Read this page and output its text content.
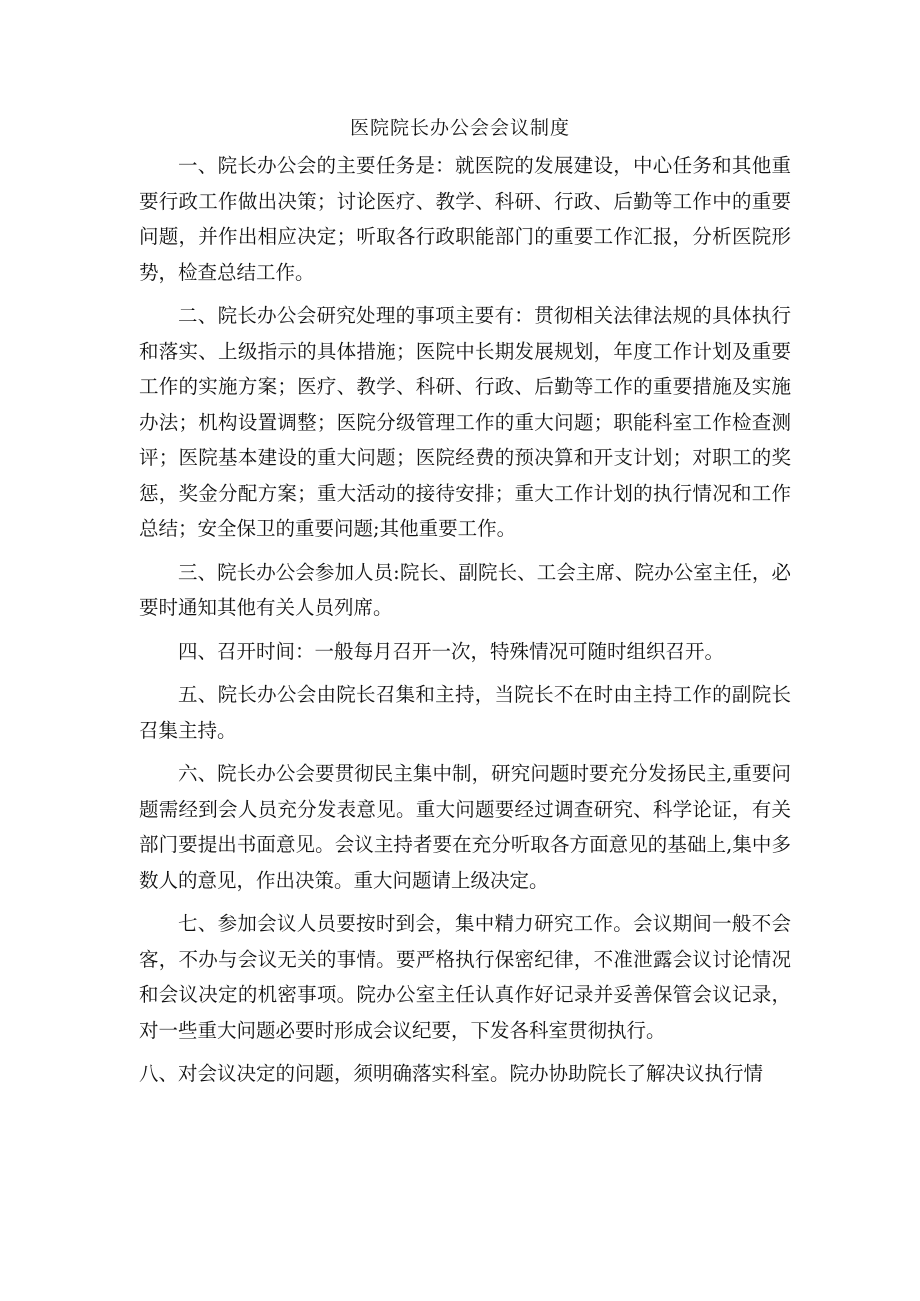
医院院长办公会会议制度

一、院长办公会的主要任务是：就医院的发展建设，中心任务和其他重要行政工作做出决策；讨论医疗、教学、科研、行政、后勤等工作中的重要问题，并作出相应决定；听取各行政职能部门的重要工作汇报，分析医院形势，检查总结工作。

二、院长办公会研究处理的事项主要有：贯彻相关法律法规的具体执行和落实、上级指示的具体措施；医院中长期发展规划，年度工作计划及重要工作的实施方案；医疗、教学、科研、行政、后勤等工作的重要措施及实施办法；机构设置调整；医院分级管理工作的重大问题；职能科室工作检查测评；医院基本建设的重大问题；医院经费的预决算和开支计划；对职工的奖惩，奖金分配方案；重大活动的接待安排；重大工作计划的执行情况和工作总结；安全保卫的重要问题;其他重要工作。

三、院长办公会参加人员:院长、副院长、工会主席、院办公室主任，必要时通知其他有关人员列席。

四、召开时间：一般每月召开一次，特殊情况可随时组织召开。

五、院长办公会由院长召集和主持，当院长不在时由主持工作的副院长召集主持。

六、院长办公会要贯彻民主集中制，研究问题时要充分发扬民主,重要问题需经到会人员充分发表意见。重大问题要经过调查研究、科学论证，有关部门要提出书面意见。会议主持者要在充分听取各方面意见的基础上,集中多数人的意见，作出决策。重大问题请上级决定。

七、参加会议人员要按时到会，集中精力研究工作。会议期间一般不会客，不办与会议无关的事情。要严格执行保密纪律，不准泄露会议讨论情况和会议决定的机密事项。院办公室主任认真作好记录并妥善保管会议记录，对一些重大问题必要时形成会议纪要，下发各科室贯彻执行。

八、对会议决定的问题，须明确落实科室。院办协助院长了解决议执行情
